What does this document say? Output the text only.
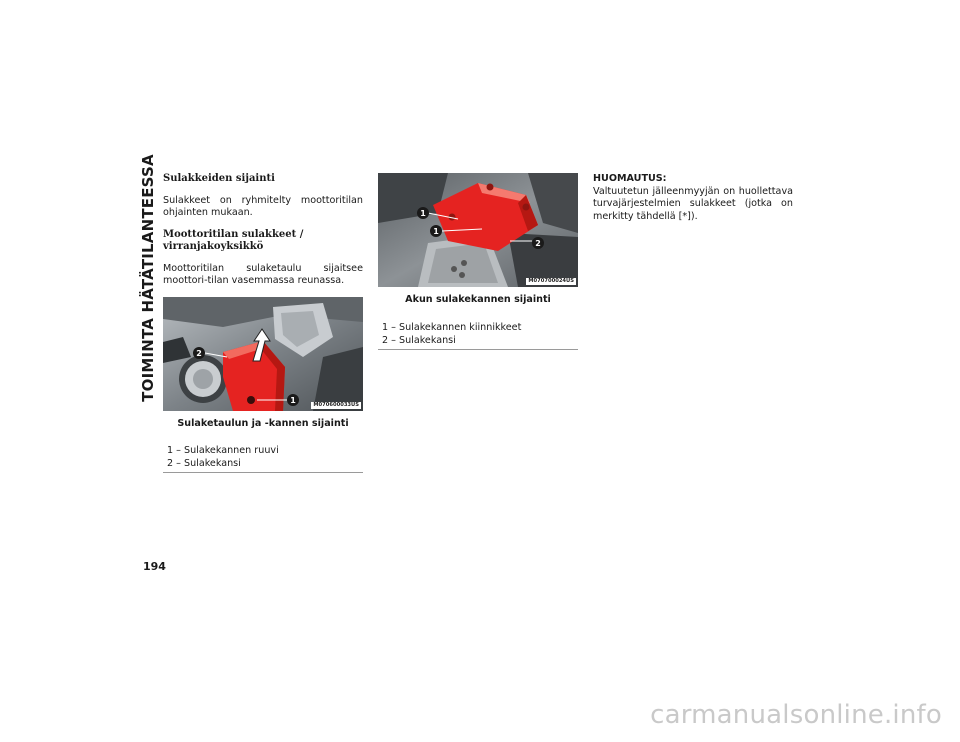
TOIMINTA HÄTÄTILANTEESSA Sulakkeiden sijainti

Sulakkeet on ryhmitelty moottoritilan ohjainten mukaan.

Moottoritilan sulakkeet / virranjakoyksikkö

Moottoritilan sulaketaulu sijaitsee moottori-tilan vasemmassa reunassa.

2
1	M070600033US
Sulaketaulun ja -kannen sijainti
1 – Sulakekannen ruuvi
2 – Sulakekansi
1
1
2
M070700024US
Akun sulakekannen sijainti
1 – Sulakekannen kiinnikkeet
2 – Sulakekansi
HUOMAUTUS:
Valtuutetun jälleenmyyjän on huollettava turvajärjestelmien sulakkeet (jotka on merkitty tähdellä [*]).
194
carmanualsonline.info
